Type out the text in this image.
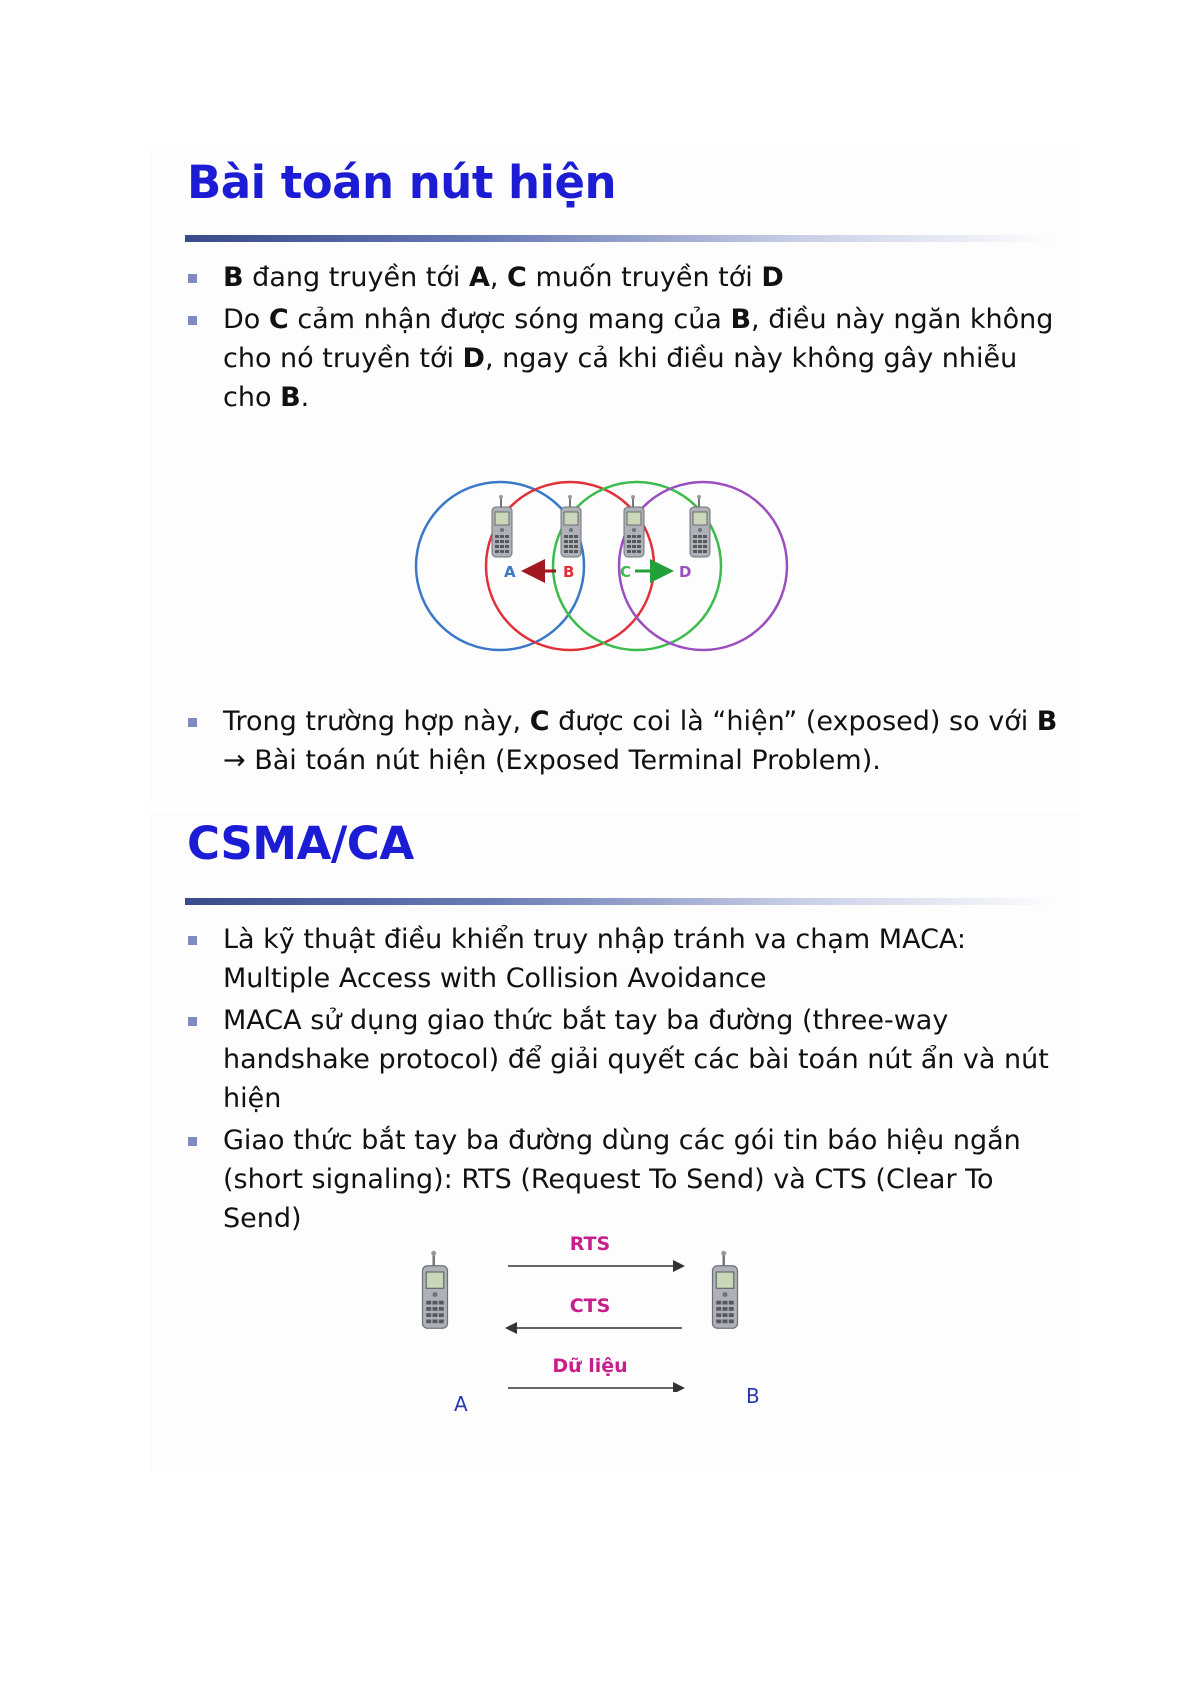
Bài toán nút hiện
B đang truyền tới A, C muốn truyền tới D
Do C cảm nhận được sóng mang của B, điều này ngăn không cho nó truyền tới D, ngay cả khi điều này không gây nhiễu cho B.
A	B	C	D
Trong trường hợp này, C được coi là “hiện” (exposed) so với B → Bài toán nút hiện (Exposed Terminal Problem).
CSMA/CA
Là kỹ thuật điều khiển truy nhập tránh va chạm MACA: Multiple Access with Collision Avoidance
MACA sử dụng giao thức bắt tay ba đường (three-way handshake protocol) để giải quyết các bài toán nút ẩn và nút hiện
Giao thức bắt tay ba đường dùng các gói tin báo hiệu ngắn (short signaling): RTS (Request To Send) và CTS (Clear To Send)
RTS
CTS
Dữ liệu
A	B
